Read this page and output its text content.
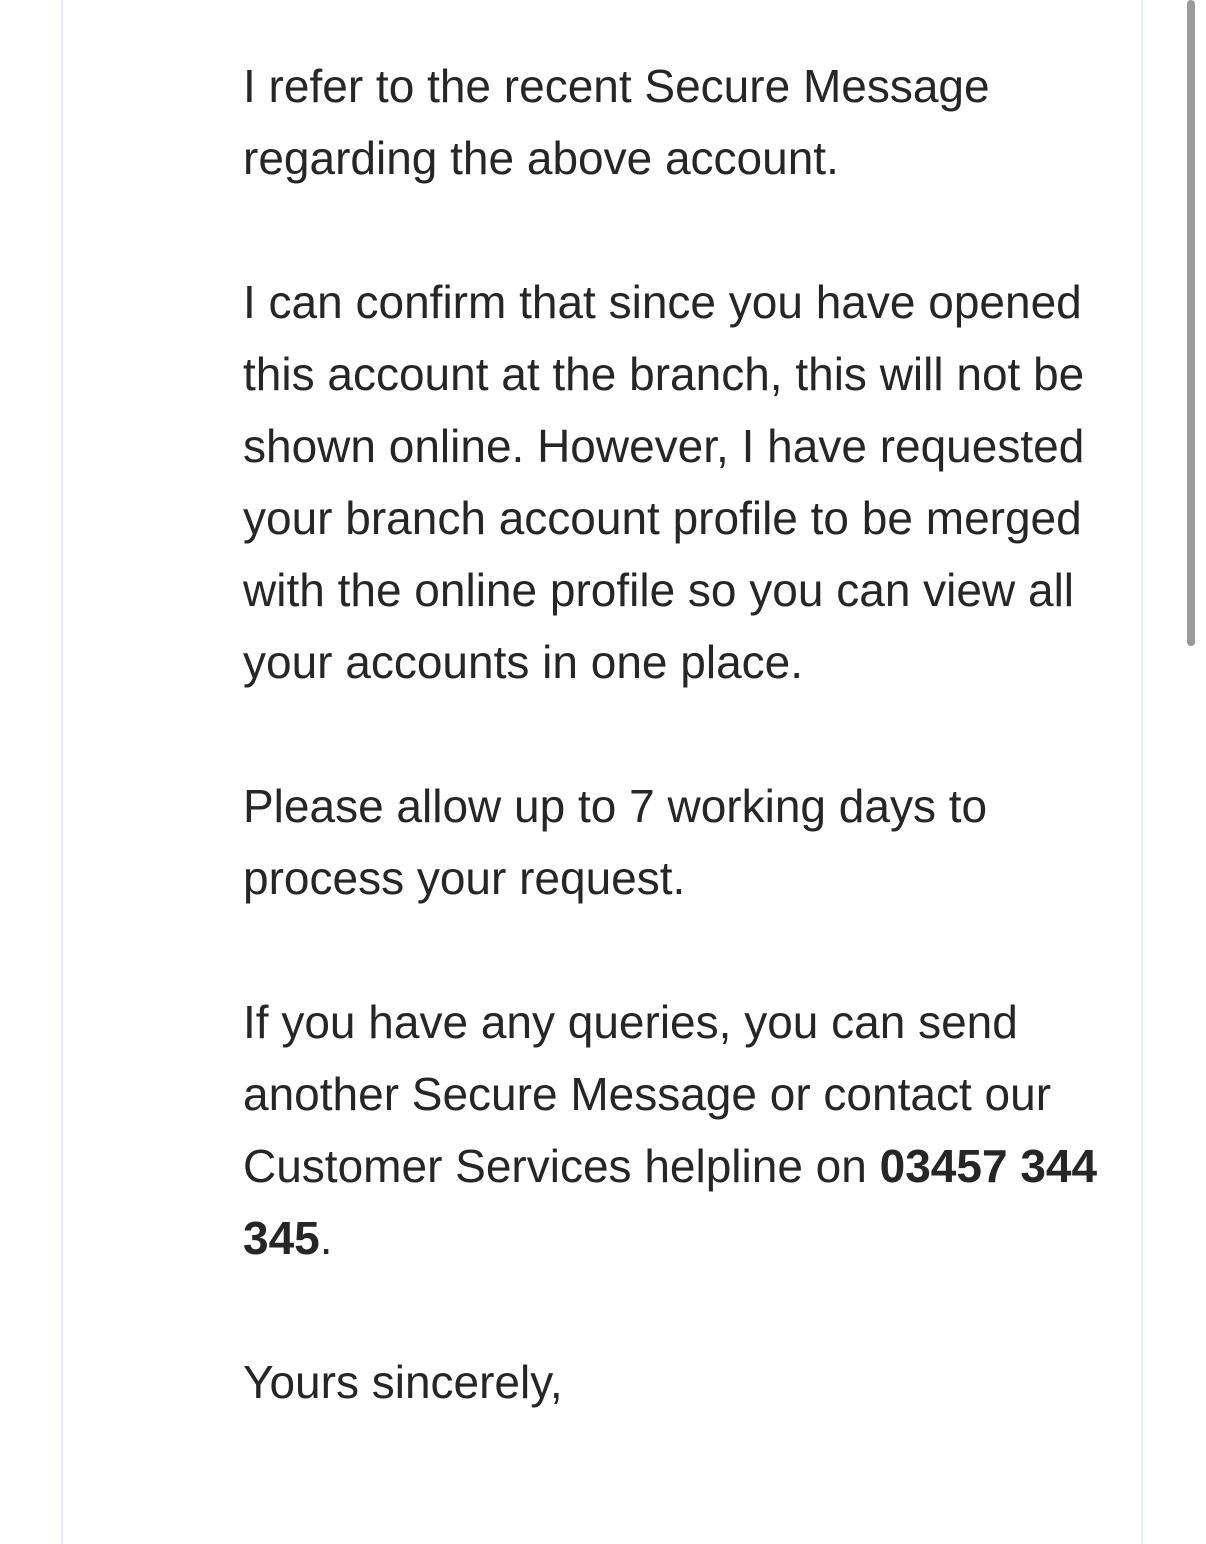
I refer to the recent Secure Message regarding the above account.

I can confirm that since you have opened this account at the branch, this will not be shown online. However, I have requested your branch account profile to be merged with the online profile so you can view all your accounts in one place.

Please allow up to 7 working days to process your request.

If you have any queries, you can send another Secure Message or contact our Customer Services helpline on 03457 344 345.

Yours sincerely,
